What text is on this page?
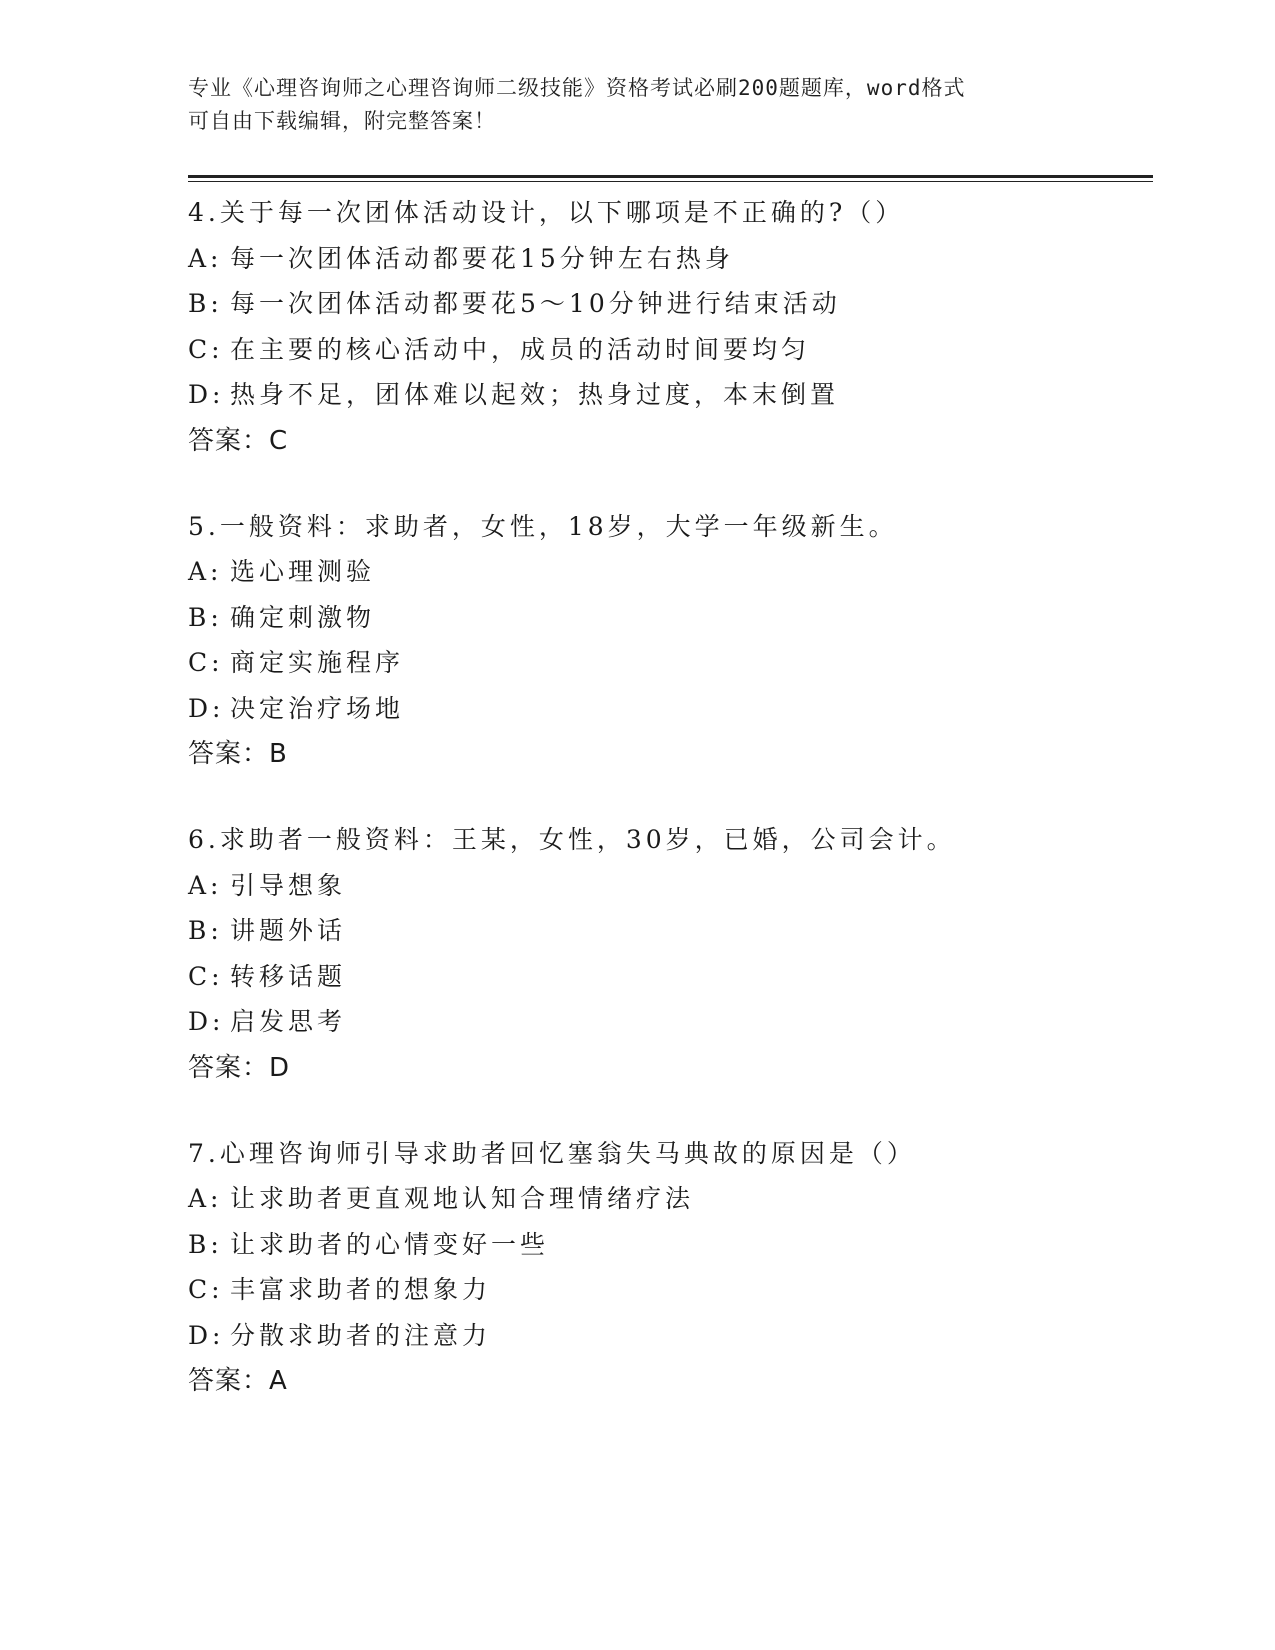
专业《心理咨询师之心理咨询师二级技能》资格考试必刷200题题库，word格式
可自由下载编辑，附完整答案！
4.关于每一次团体活动设计，以下哪项是不正确的?（）
A: 每一次团体活动都要花15分钟左右热身
B: 每一次团体活动都要花5～10分钟进行结束活动
C: 在主要的核心活动中，成员的活动时间要均匀
D: 热身不足，团体难以起效；热身过度，本末倒置
答案：C
5.一般资料：求助者，女性，18岁，大学一年级新生。
A: 选心理测验
B: 确定刺激物
C: 商定实施程序
D: 决定治疗场地
答案：B
6.求助者一般资料：王某，女性，30岁，已婚，公司会计。
A: 引导想象
B: 讲题外话
C: 转移话题
D: 启发思考
答案：D
7.心理咨询师引导求助者回忆塞翁失马典故的原因是（）
A: 让求助者更直观地认知合理情绪疗法
B: 让求助者的心情变好一些
C: 丰富求助者的想象力
D: 分散求助者的注意力
答案：A
